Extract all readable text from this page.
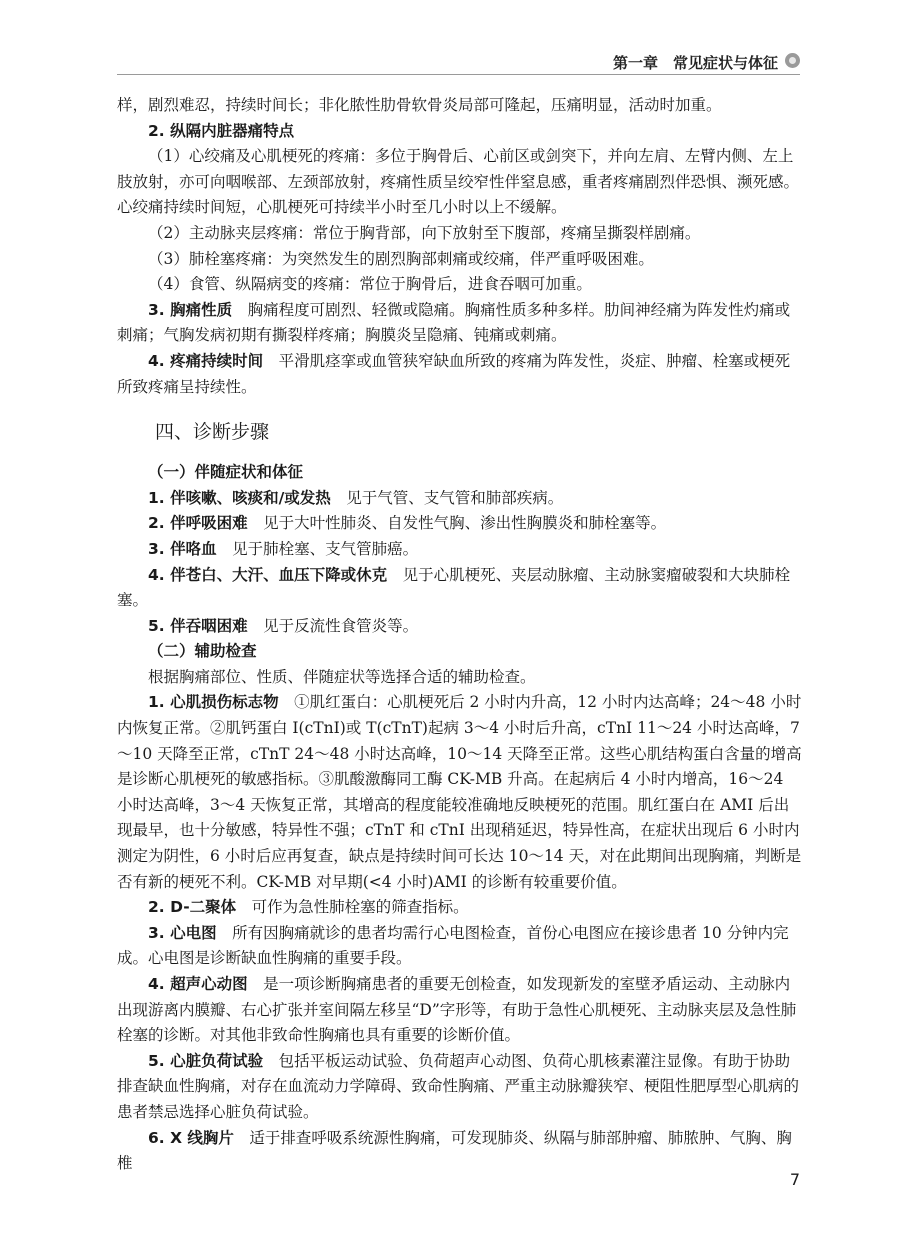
第一章　常见症状与体征

样，剧烈难忍，持续时间长；非化脓性肋骨软骨炎局部可隆起，压痛明显，活动时加重。

2. 纵隔内脏器痛特点

（1）心绞痛及心肌梗死的疼痛：多位于胸骨后、心前区或剑突下，并向左肩、左臂内侧、左上肢放射，亦可向咽喉部、左颈部放射，疼痛性质呈绞窄性伴窒息感，重者疼痛剧烈伴恐惧、濒死感。心绞痛持续时间短，心肌梗死可持续半小时至几小时以上不缓解。

（2）主动脉夹层疼痛：常位于胸背部，向下放射至下腹部，疼痛呈撕裂样剧痛。

（3）肺栓塞疼痛：为突然发生的剧烈胸部刺痛或绞痛，伴严重呼吸困难。

（4）食管、纵隔病变的疼痛：常位于胸骨后，进食吞咽可加重。

3. 胸痛性质 胸痛程度可剧烈、轻微或隐痛。胸痛性质多种多样。肋间神经痛为阵发性灼痛或刺痛；气胸发病初期有撕裂样疼痛；胸膜炎呈隐痛、钝痛或刺痛。

4. 疼痛持续时间 平滑肌痉挛或血管狭窄缺血所致的疼痛为阵发性，炎症、肿瘤、栓塞或梗死所致疼痛呈持续性。

四、诊断步骤

（一）伴随症状和体征

1. 伴咳嗽、咳痰和/或发热 见于气管、支气管和肺部疾病。

2. 伴呼吸困难 见于大叶性肺炎、自发性气胸、渗出性胸膜炎和肺栓塞等。

3. 伴咯血 见于肺栓塞、支气管肺癌。

4. 伴苍白、大汗、血压下降或休克 见于心肌梗死、夹层动脉瘤、主动脉窦瘤破裂和大块肺栓塞。

5. 伴吞咽困难 见于反流性食管炎等。

（二）辅助检查

根据胸痛部位、性质、伴随症状等选择合适的辅助检查。

1. 心肌损伤标志物 ①肌红蛋白：心肌梗死后 2 小时内升高，12 小时内达高峰；24～48 小时内恢复正常。②肌钙蛋白 I(cTnI)或 T(cTnT)起病 3～4 小时后升高，cTnI 11～24 小时达高峰，7～10 天降至正常，cTnT 24～48 小时达高峰，10～14 天降至正常。这些心肌结构蛋白含量的增高是诊断心肌梗死的敏感指标。③肌酸激酶同工酶 CK-MB 升高。在起病后 4 小时内增高，16～24 小时达高峰，3～4 天恢复正常，其增高的程度能较准确地反映梗死的范围。肌红蛋白在 AMI 后出现最早，也十分敏感，特异性不强；cTnT 和 cTnI 出现稍延迟，特异性高，在症状出现后 6 小时内测定为阴性，6 小时后应再复查，缺点是持续时间可长达 10～14 天，对在此期间出现胸痛，判断是否有新的梗死不利。CK-MB 对早期(<4 小时)AMI 的诊断有较重要价值。

2. D-二聚体 可作为急性肺栓塞的筛查指标。

3. 心电图 所有因胸痛就诊的患者均需行心电图检查，首份心电图应在接诊患者 10 分钟内完成。心电图是诊断缺血性胸痛的重要手段。

4. 超声心动图 是一项诊断胸痛患者的重要无创检查，如发现新发的室壁矛盾运动、主动脉内出现游离内膜瓣、右心扩张并室间隔左移呈“D”字形等，有助于急性心肌梗死、主动脉夹层及急性肺栓塞的诊断。对其他非致命性胸痛也具有重要的诊断价值。

5. 心脏负荷试验 包括平板运动试验、负荷超声心动图、负荷心肌核素灌注显像。有助于协助排查缺血性胸痛，对存在血流动力学障碍、致命性胸痛、严重主动脉瓣狭窄、梗阻性肥厚型心肌病的患者禁忌选择心脏负荷试验。

6. X 线胸片 适于排查呼吸系统源性胸痛，可发现肺炎、纵隔与肺部肿瘤、肺脓肿、气胸、胸椎

7
